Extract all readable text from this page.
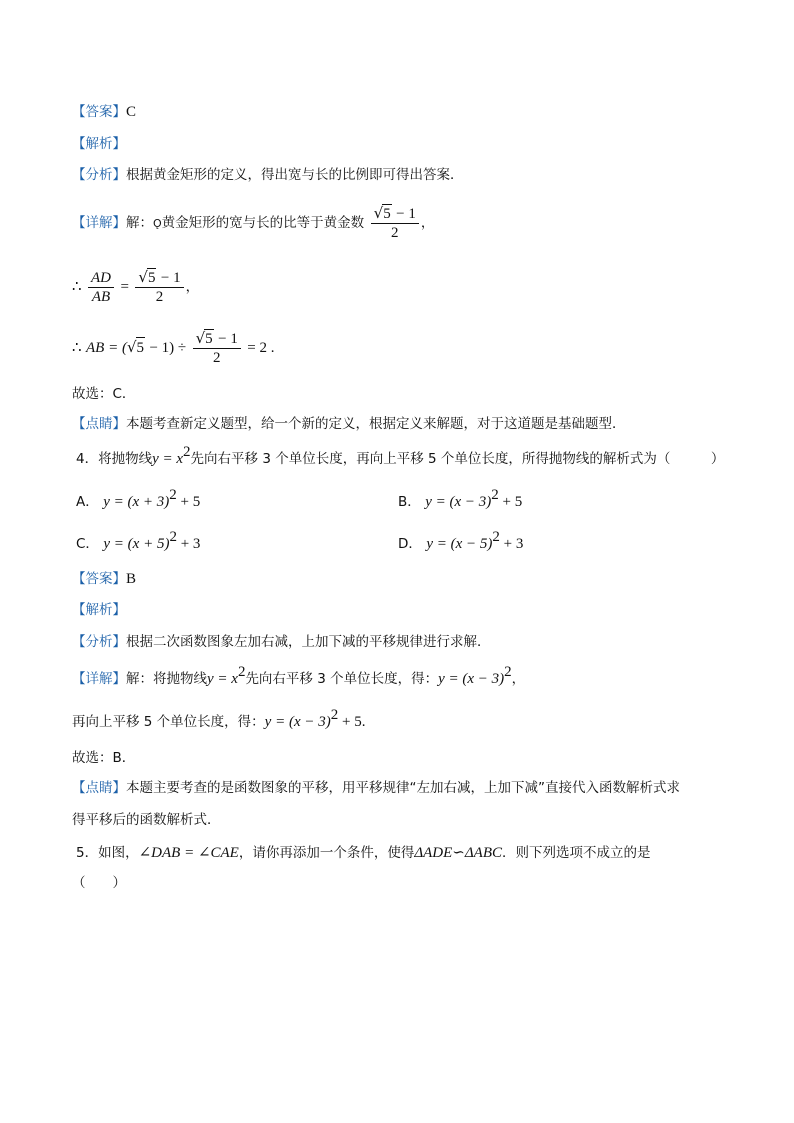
【答案】C
【解析】
【分析】根据黄金矩形的定义，得出宽与长的比例即可得出答案．
【详解】解：Ǫ黄金矩形的宽与长的比等于黄金数 $\frac{√5 - 1}{2}$ ，
∴ $\frac{AD}{AB} = \frac{√5 - 1}{2}$ ，
∴ AB = $(√5 - 1) \div \frac{√5 - 1}{2} = 2$ .
故选：C．
【点睛】本题考查新定义题型，给一个新的定义，根据定义来解题，对于这道题是基础题型．
4．将抛物线$y = x^2$先向右平移 3 个单位长度，再向上平移 5 个单位长度，所得抛物线的解析式为（　　　）
A． $y = (x + 3)^2 + 5$	B． $y = (x - 3)^2 + 5$
C． $y = (x + 5)^2 + 3$	D． $y = (x - 5)^2 + 3$
【答案】B
【解析】
【分析】根据二次函数图象左加右减，上加下减的平移规律进行求解．
【详解】解：将抛物线$y = x^2$先向右平移 3 个单位长度，得：$y = (x - 3)^2$，
再向上平移 5 个单位长度，得：$y = (x - 3)^2 + 5$.
故选：B．
【点睛】本题主要考查的是函数图象的平移，用平移规律“左加右减，上加下减”直接代入函数解析式求
得平移后的函数解析式．
5．如图，∠DAB = ∠CAE，请你再添加一个条件，使得ΔADE∽ΔABC．则下列选项不成立的是
（　　）
